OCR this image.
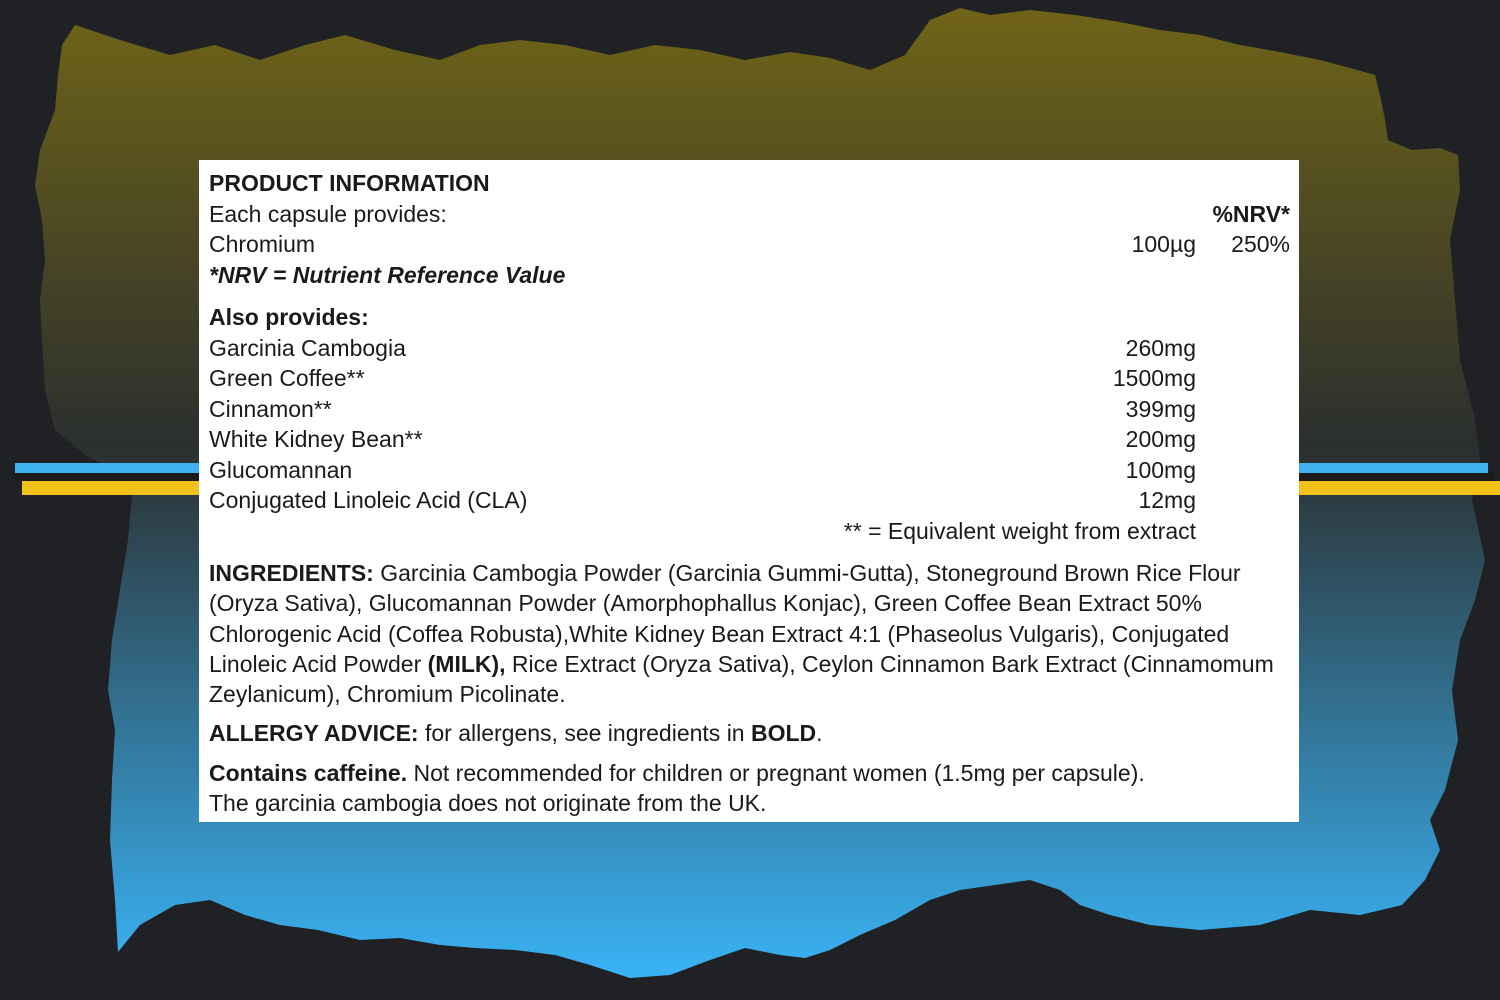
PRODUCT INFORMATION
Each capsule provides:	%NRV*
Chromium	100µg 250%
*NRV = Nutrient Reference Value
Also provides:
Garcinia Cambogia	260mg
Green Coffee**	1500mg
Cinnamon**	399mg
White Kidney Bean**	200mg
Glucomannan	100mg
Conjugated Linoleic Acid (CLA)	12mg
** = Equivalent weight from extract

INGREDIENTS: Garcinia Cambogia Powder (Garcinia Gummi-Gutta), Stoneground Brown Rice Flour (Oryza Sativa), Glucomannan Powder (Amorphophallus Konjac), Green Coffee Bean Extract 50% Chlorogenic Acid (Coffea Robusta),White Kidney Bean Extract 4:1 (Phaseolus Vulgaris), Conjugated Linoleic Acid Powder (MILK), Rice Extract (Oryza Sativa), Ceylon Cinnamon Bark Extract (Cinnamomum Zeylanicum), Chromium Picolinate.

ALLERGY ADVICE: for allergens, see ingredients in BOLD.

Contains caffeine. Not recommended for children or pregnant women (1.5mg per capsule).

The garcinia cambogia does not originate from the UK.
